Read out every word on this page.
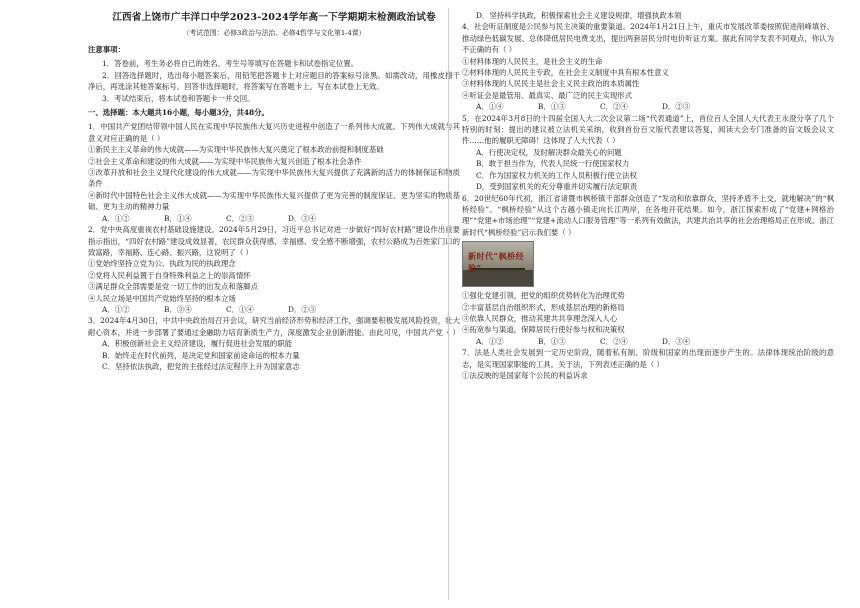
江西省上饶市广丰洋口中学2023-2024学年高一下学期期末检测政治试卷
（考试范围：必修3政治与法治、必修4哲学与文化第1-4课）
注意事项：

1．答卷前，考生务必将自己的姓名、考生号等填写在答题卡和试卷指定位置。

2．回答选择题时，选出每小题答案后，用铅笔把答题卡上对应题目的答案标号涂黑。如需改动，用橡皮擦干净后，再选涂其他答案标号。回答非选择题时，将答案写在答题卡上。写在本试卷上无效。

3．考试结束后，将本试卷和答题卡一并交回。

一、选择题：本大题共16小题，每小题3分，共48分。

1．中国共产党团结带领中国人民在实现中华民族伟大复兴历史进程中创造了一系列伟大成就。下列伟大成就与其意义对应正确的是（ ）

①新民主主义革命的伟大成就——为实现中华民族伟大复兴奠定了根本政治前提和制度基础

②社会主义革命和建设的伟大成就——为实现中华民族伟大复兴创造了根本社会条件

③改革开放和社会主义现代化建设的伟大成就——为实现中华民族伟大复兴提供了充满新的活力的体制保证和物质条件

④新时代中国特色社会主义伟大成就——为实现中华民族伟大复兴提供了更为完善的制度保证、更为坚实的物质基础、更为主动的精神力量

A．①②	B．①④	C．②③	D．③④

2．党中央高度重视农村基础设施建设。2024年5月29日，习近平总书记对进一步做好“四好农村路”建设作出重要指示指出，“四好农村路”建设成效显著，农民群众获得感、幸福感、安全感不断增强，农村公路成为百姓家门口的致富路，幸福路、连心路、振兴路，这说明了（ ）

①党始终坚持立党为公、执政为民的执政理念

②党将人民利益置于自身特殊利益之上的崇高情怀

③满足群众全部需要是党一切工作的出发点和落脚点

④人民立场是中国共产党始终坚持的根本立场

A．①②	B．③④	C．①④	D．②③

3．2024年4月30日，中共中央政治局召开会议，研究当前经济形势和经济工作，强调要积极发展风险投资，壮大耐心资本，并进一步部署了要通过金融助力培育新质生产力，深度激发企业创新潜能。由此可见，中国共产党（ ）

A．积极创新社会主义经济建设，履行促进社会发展的职能

B．始终走在时代前列，是决定党和国家前途命运的根本力量

C．坚持依法执政，把党的主张经过法定程序上升为国家意志

D．坚持科学执政，积极探索社会主义建设规律，增强执政本领

4．社会听证制度是公民参与民主决策的重要渠道。2024年1月21日上午，重庆市发展改革委按照促进削峰填谷、推动绿色低碳发展、总体降低居民电费支出，提出两套居民分时电价听证方案。据此有同学发表不同观点，你认为不正确的有（ ）

①材料体现的人民民主，是社会主义的生命

②材料体现的人民民主专政，在社会主义制度中具有根本性意义

③材料体现的人民民主是社会主义民主政治的本质属性

④听证会是最管用、最真实、最广泛的民主实现形式

A．①④	B．①③	C．②④	D．②③

5．在2024年3月8日的十四届全国人大二次会议第二场“代表通道”上，首位百人全国人大代表王永澄分享了几个特别的时刻：提出的建议被立法机关采纳，收到首份百文版代表建议答复，阅读大会专门准备的盲文版会议文件……他的履职无障碍！这体现了人大代表（ ）

A．行使决定权，及时解决群众最关心的问题

B．敢于担当作为，代表人民统一行使国家权力

C．作为国家权力机关的工作人员积极行使立法权

D．受到国家机关的充分尊重并切实履行法定职责

6．20世纪60年代初，浙江省诸暨市枫桥镇干部群众创造了“发动和依靠群众，坚持矛盾不上交，就地解决”的“枫桥经验”。“枫桥经验”从这个古越小镇走向长江两岸，在各地开花结果。如今，浙江探索形成了“党建+网格治理”“党建+市场治理”“党建+流动人口服务管理”等一系列有效做法，共建共治共享的社会治理格局正在形成。浙江新时代“枫桥经验”启示我们要（ ）

新时代“枫桥经验”

①强化党建引领，把党的组织优势转化为治理优势

②丰富基层自治组织形式，形成基层治理的新格局

③依靠人民群众，推动其建共共享理念深入人心

④拓宽参与渠道，保障居民行使好参与权和决策权

A．①②	B．①③	C．②④	D．③④

7．法是人类社会发展到一定历史阶段，随着私有制、阶级和国家的出现而逐步产生的。法律体现统治阶级的意志，是实现国家职能的工具。关于法，下列表述正确的是（ ）

①法反映的是国家每个公民的利益诉求
